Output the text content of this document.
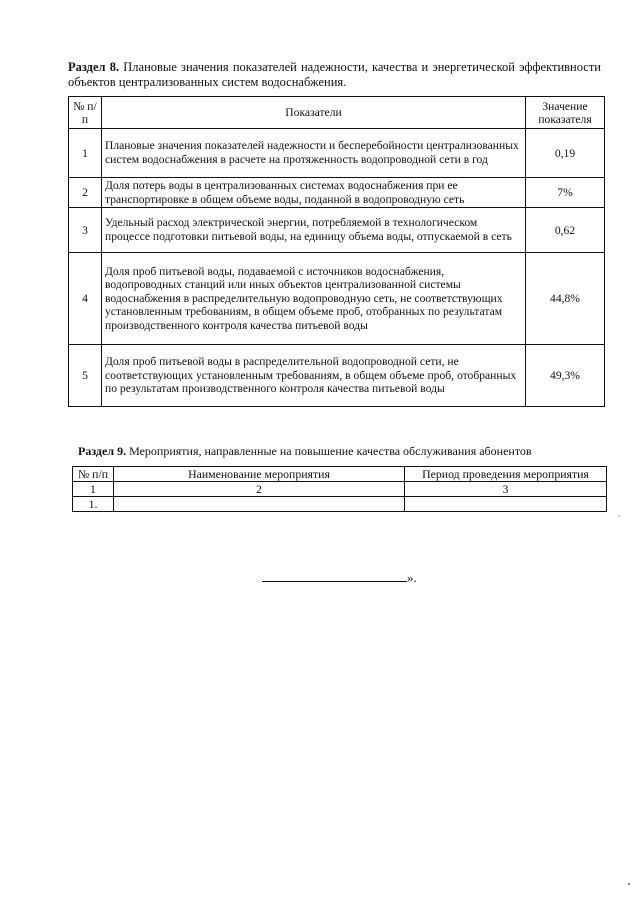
Раздел 8. Плановые значения показателей надежности, качества и энергетической эффективности объектов централизованных систем водоснабжения.
№ п/п	Показатели	Значение показателя
1	Плановые значения показателей надежности и бесперебойности централизованных систем водоснабжения в расчете на протяженность водопроводной сети в год	0,19
2	Доля потерь воды в централизованных системах водоснабжения при ее транспортировке в общем объеме воды, поданной в водопроводную сеть	7%
3	Удельный расход электрической энергии, потребляемой в технологическом процессе подготовки питьевой воды, на единицу объема воды, отпускаемой в сеть	0,62
4	Доля проб питьевой воды, подаваемой с источников водоснабжения, водопроводных станций или иных объектов централизованной системы водоснабжения в распределительную водопроводную сеть, не соответствующих установленным требованиям, в общем объеме проб, отобранных по результатам производственного контроля качества питьевой воды	44,8%
5	Доля проб питьевой воды в распределительной водопроводной сети, не соответствующих установленным требованиям, в общем объеме проб, отобранных по результатам производственного контроля качества питьевой воды	49,3%
Раздел 9. Мероприятия, направленные на повышение качества обслуживания абонентов
№ п/п	Наименование мероприятия	Период проведения мероприятия
1	2	3
1.		
».
